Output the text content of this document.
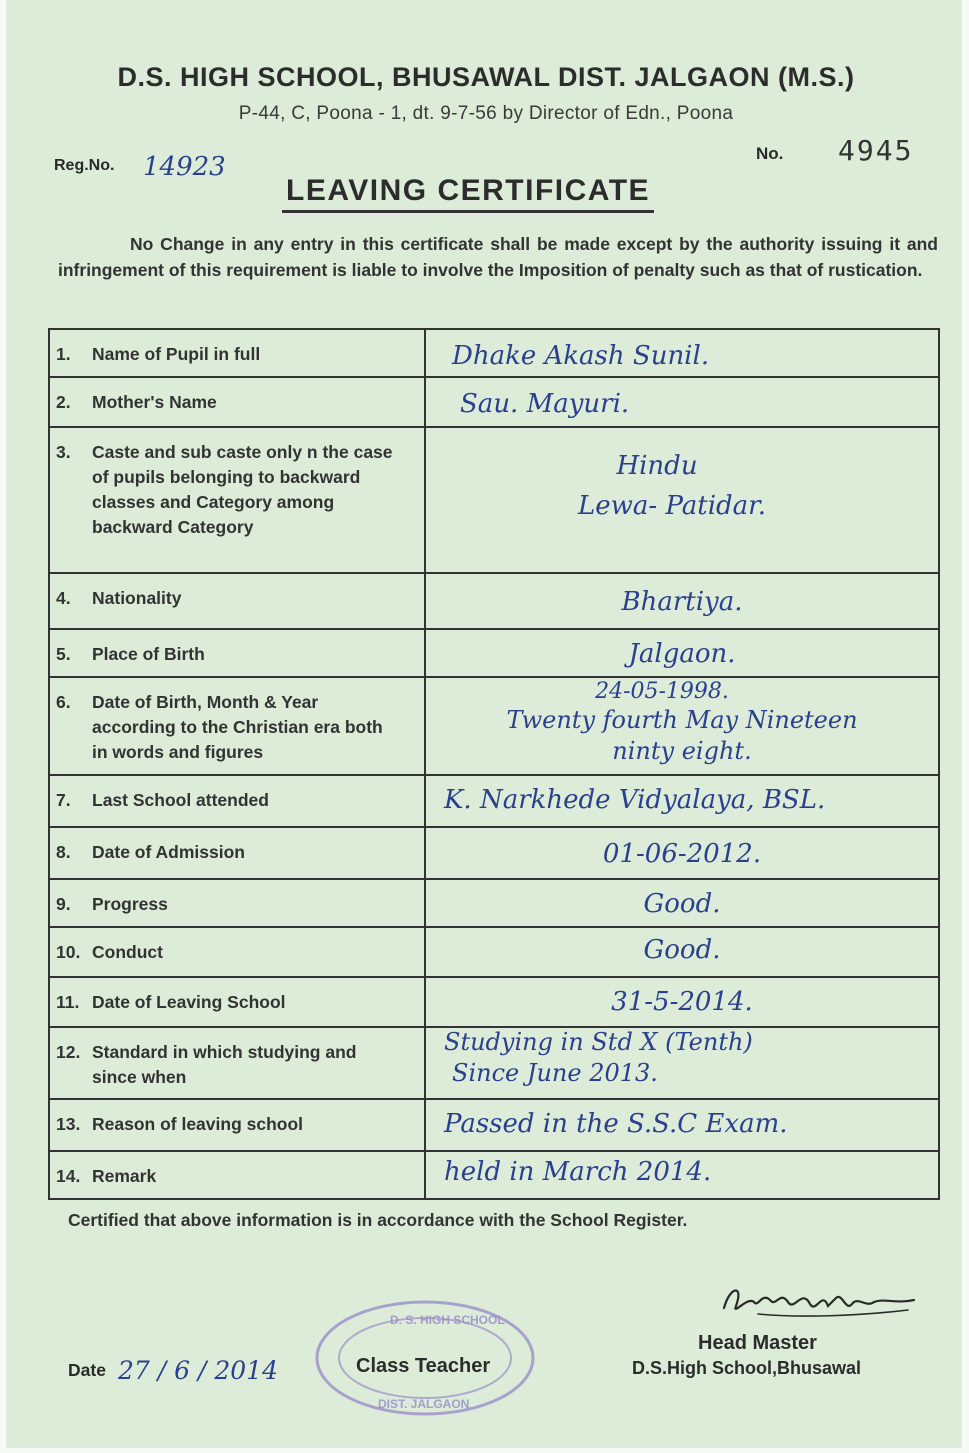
D.S. HIGH SCHOOL, BHUSAWAL DIST. JALGAON (M.S.)
P-44, C, Poona - 1, dt. 9-7-56 by Director of Edn., Poona
Reg.No. 14923	No. 4945
LEAVING CERTIFICATE
No Change in any entry in this certificate shall be made except by the authority issuing it and infringement of this requirement is liable to involve the Imposition of penalty such as that of rustication.
1. Name of Pupil in full	Dhake Akash Sunil.

2. Mother's Name	Sau. Mayuri.

3. Caste and sub caste only n the case of pupils belonging to backward classes and Category among backward Category	Hindu
Lewa- Patidar.

4. Nationality	Bhartiya.

5. Place of Birth	Jalgaon.

6. Date of Birth, Month & Year according to the Christian era both in words and figures	24-05-1998.
Twenty fourth May Nineteen
ninty eight.

7. Last School attended	K. Narkhede Vidyalaya, BSL.

8. Date of Admission	01-06-2012.

9. Progress	Good.

10. Conduct	Good.

11. Date of Leaving School	31-5-2014.

12. Standard in which studying and since when	Studying in Std X (Tenth)
Since June 2013.

13. Reason of leaving school	Passed in the S.S.C Exam.

14. Remark	held in March 2014.
Certified that above information is in accordance with the School Register.
D. S. HIGH SCHOOL
DIST. JALGAON
Date 27 / 6 / 2014	Class Teacher

Head Master
D.S.High School,Bhusawal
